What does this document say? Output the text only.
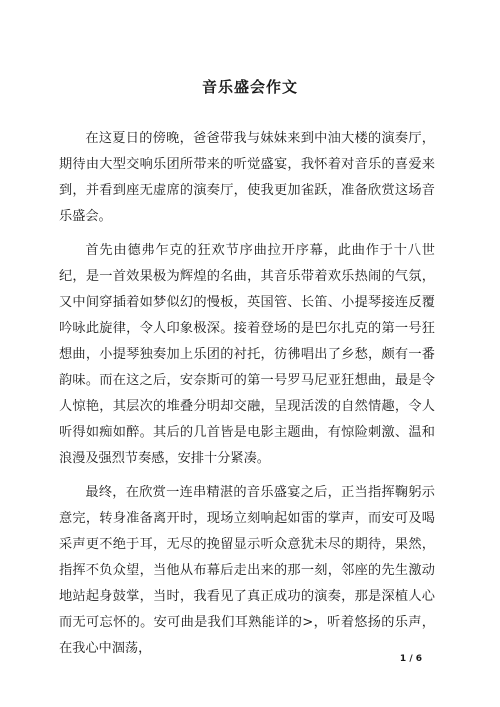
音乐盛会作文

在这夏日的傍晚，爸爸带我与妹妹来到中油大楼的演奏厅，期待由大型交响乐团所带来的听觉盛宴，我怀着对音乐的喜爱来到，并看到座无虚席的演奏厅，使我更加雀跃，准备欣赏这场音乐盛会。

首先由德弗乍克的狂欢节序曲拉开序幕，此曲作于十八世纪，是一首效果极为辉煌的名曲，其音乐带着欢乐热闹的气氛，又中间穿插着如梦似幻的慢板，英国管、长笛、小提琴接连反覆吟咏此旋律，令人印象极深。接着登场的是巴尔扎克的第一号狂想曲，小提琴独奏加上乐团的衬托，彷彿唱出了乡愁，颇有一番韵味。而在这之后，安奈斯可的第一号罗马尼亚狂想曲，最是令人惊艳，其层次的堆叠分明却交融，呈现活泼的自然情趣，令人听得如痴如醉。其后的几首皆是电影主题曲，有惊险刺激、温和浪漫及强烈节奏感，安排十分紧凑。

最终，在欣赏一连串精湛的音乐盛宴之后，正当指挥鞠躬示意完，转身准备离开时，现场立刻响起如雷的掌声，而安可及喝采声更不绝于耳，无尽的挽留显示听众意犹未尽的期待，果然，指挥不负众望，当他从布幕后走出来的那一刻，邻座的先生激动地站起身鼓掌，当时，我看见了真正成功的演奏，那是深植人心而无可忘怀的。安可曲是我们耳熟能详的>，听着悠扬的乐声，在我心中涸荡，

1 / 6
